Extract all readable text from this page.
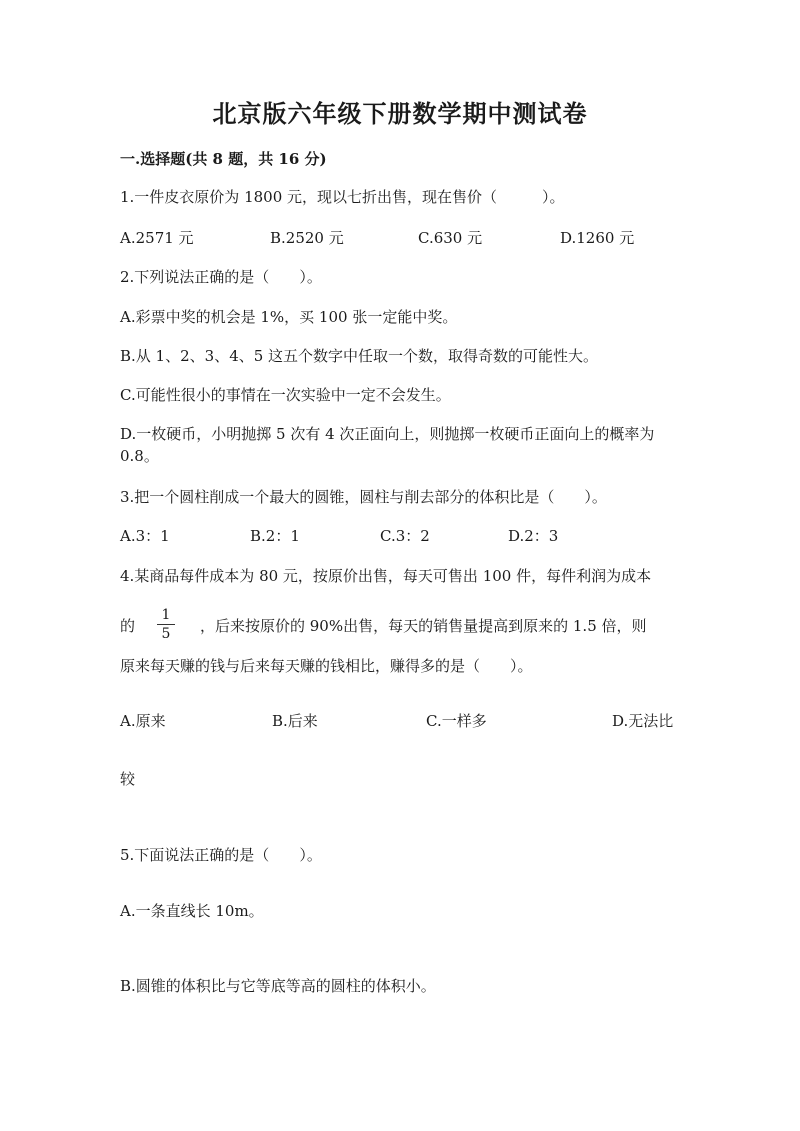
北京版六年级下册数学期中测试卷
一.选择题(共 8 题，共 16 分)
1.一件皮衣原价为 1800 元，现以七折出售，现在售价（　　　）。
A.2571 元	B.2520 元	C.630 元	D.1260 元
2.下列说法正确的是（　　）。
A.彩票中奖的机会是 1%，买 100 张一定能中奖。
B.从 1、2、3、4、5 这五个数字中任取一个数，取得奇数的可能性大。
C.可能性很小的事情在一次实验中一定不会发生。
D.一枚硬币，小明抛掷 5 次有 4 次正面向上，则抛掷一枚硬币正面向上的概率为 0.8。
3.把一个圆柱削成一个最大的圆锥，圆柱与削去部分的体积比是（　　）。
A.3：1	B.2：1	C.3：2	D.2：3
4.某商品每件成本为 80 元，按原价出售，每天可售出 100 件，每件利润为成本
的
1
5	，后来按原价的 90%出售，每天的销售量提高到原来的 1.5 倍，则
原来每天赚的钱与后来每天赚的钱相比，赚得多的是（　　）。
A.原来	B.后来	C.一样多	D.无法比
较
5.下面说法正确的是（　　）。
A.一条直线长 10m。
B.圆锥的体积比与它等底等高的圆柱的体积小。
